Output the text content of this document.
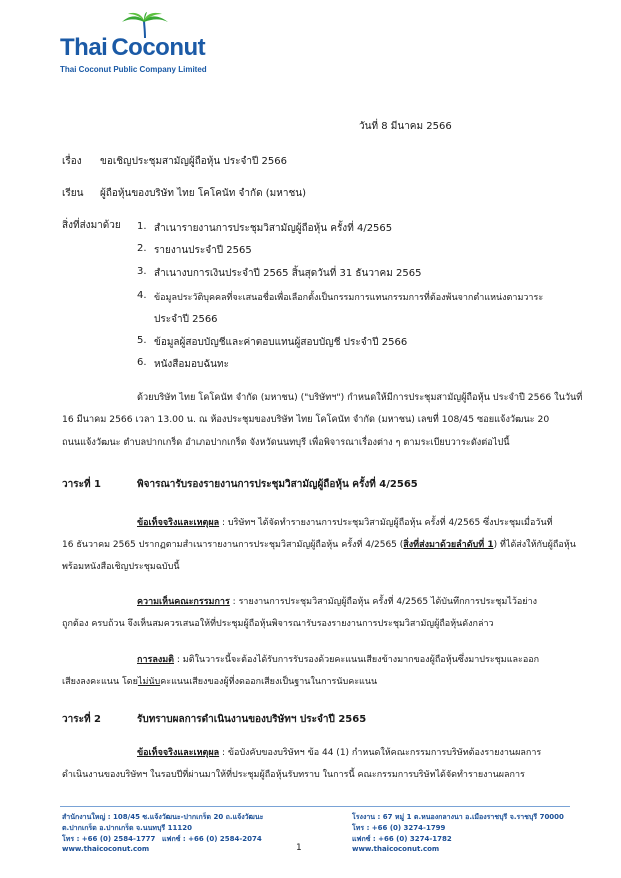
Thai Coconut
Thai Coconut Public Company Limited
วันที่ 8 มีนาคม 2566
เรื่อง ขอเชิญประชุมสามัญผู้ถือหุ้น ประจำปี 2566
เรียน ผู้ถือหุ้นของบริษัท ไทย โคโคนัท จำกัด (มหาชน)
สิ่งที่ส่งมาด้วย 1. สำเนารายงานการประชุมวิสามัญผู้ถือหุ้น ครั้งที่ 4/2565
2. รายงานประจำปี 2565
3. สำเนางบการเงินประจำปี 2565 สิ้นสุดวันที่ 31 ธันวาคม 2565
4. ข้อมูลประวัติบุคคลที่จะเสนอชื่อเพื่อเลือกตั้งเป็นกรรมการแทนกรรมการที่ต้องพ้นจากตำแหน่งตามวาระ
ประจำปี 2566
5. ข้อมูลผู้สอบบัญชีและค่าตอบแทนผู้สอบบัญชี ประจำปี 2566
6. หนังสือมอบฉันทะ
ด้วยบริษัท ไทย โคโคนัท จำกัด (มหาชน) ("บริษัทฯ") กำหนดให้มีการประชุมสามัญผู้ถือหุ้น ประจำปี 2566 ในวันที่
16 มีนาคม 2566 เวลา 13.00 น. ณ ห้องประชุมของบริษัท ไทย โคโคนัท จำกัด (มหาชน) เลขที่ 108/45 ซอยแจ้งวัฒนะ 20
ถนนแจ้งวัฒนะ ตำบลปากเกร็ด อำเภอปากเกร็ด จังหวัดนนทบุรี เพื่อพิจารณาเรื่องต่าง ๆ ตามระเบียบวาระดังต่อไปนี้
วาระที่ 1	พิจารณารับรองรายงานการประชุมวิสามัญผู้ถือหุ้น ครั้งที่ 4/2565
ข้อเท็จจริงและเหตุผล : บริษัทฯ ได้จัดทำรายงานการประชุมวิสามัญผู้ถือหุ้น ครั้งที่ 4/2565 ซึ่งประชุมเมื่อวันที่
16 ธันวาคม 2565 ปรากฏตามสำเนารายงานการประชุมวิสามัญผู้ถือหุ้น ครั้งที่ 4/2565 (สิ่งที่ส่งมาด้วยลำดับที่ 1) ที่ได้ส่งให้กับผู้ถือหุ้น
พร้อมหนังสือเชิญประชุมฉบับนี้
ความเห็นคณะกรรมการ : รายงานการประชุมวิสามัญผู้ถือหุ้น ครั้งที่ 4/2565 ได้บันทึกการประชุมไว้อย่าง
ถูกต้อง ครบถ้วน จึงเห็นสมควรเสนอให้ที่ประชุมผู้ถือหุ้นพิจารณารับรองรายงานการประชุมวิสามัญผู้ถือหุ้นดังกล่าว
การลงมติ : มติในวาระนี้จะต้องได้รับการรับรองด้วยคะแนนเสียงข้างมากของผู้ถือหุ้นซึ่งมาประชุมและออก
เสียงลงคะแนน โดยไม่นับคะแนนเสียงของผู้ที่งดออกเสียงเป็นฐานในการนับคะแนน
วาระที่ 2	รับทราบผลการดำเนินงานของบริษัทฯ ประจำปี 2565
ข้อเท็จจริงและเหตุผล : ข้อบังคับของบริษัทฯ ข้อ 44 (1) กำหนดให้คณะกรรมการบริษัทต้องรายงานผลการ
ดำเนินงานของบริษัทฯ ในรอบปีที่ผ่านมาให้ที่ประชุมผู้ถือหุ้นรับทราบ ในการนี้ คณะกรรมการบริษัทได้จัดทำรายงานผลการ
สำนักงานใหญ่ : 108/45 ซ.แจ้งวัฒนะ-ปากเกร็ด 20 ถ.แจ้งวัฒนะ
ต.ปากเกร็ด อ.ปากเกร็ด จ.นนทบุรี 11120
โทร : +66 (0) 2584-1777 แฟกซ์ : +66 (0) 2584-2074
www.thaicoconut.com	1
โรงงาน : 67 หมู่ 1 ต.หนองกลางนา อ.เมืองราชบุรี จ.ราชบุรี 70000
โทร : +66 (0) 3274-1799
แฟกซ์ : +66 (0) 3274-1782
www.thaicoconut.com
